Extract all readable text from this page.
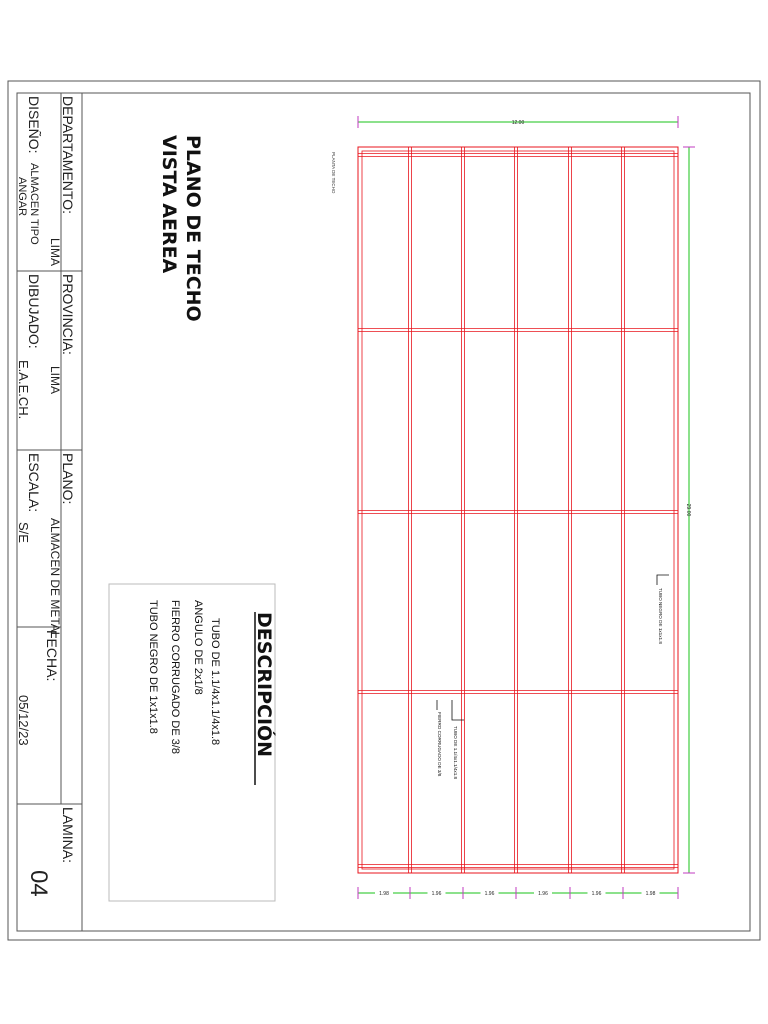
DEPARTAMENTO:
LIMA
DISEÑO:
ALMACEN TIPO
ANGAR
PROVINCIA:
LIMA
DIBUJADO:
E.A.E.CH.
PLANO:
ALMACEN DE METAL
ESCALA:
S/E
FECHA:
05/12/23
LAMINA:
04
PLANO DE TECHO
VISTA AEREA
DESCRIPCIÓN
TUBO DE 1.1/4x1.1/4x1.8
ANGULO DE 2x1/8
FIERRO CORRUGADO DE 3/8
TUBO NEGRO DE 1x1x1.8
PLANTA DE TECHO
12.00
29.00
1.98	1.96	1.96	1.96	1.96	1.98
TUBO NEGRO DE 1x1x1.8
TUBO DE 1.1/4x1.1/4x1.8
FIERRO CORRUGADO DE 3/8
